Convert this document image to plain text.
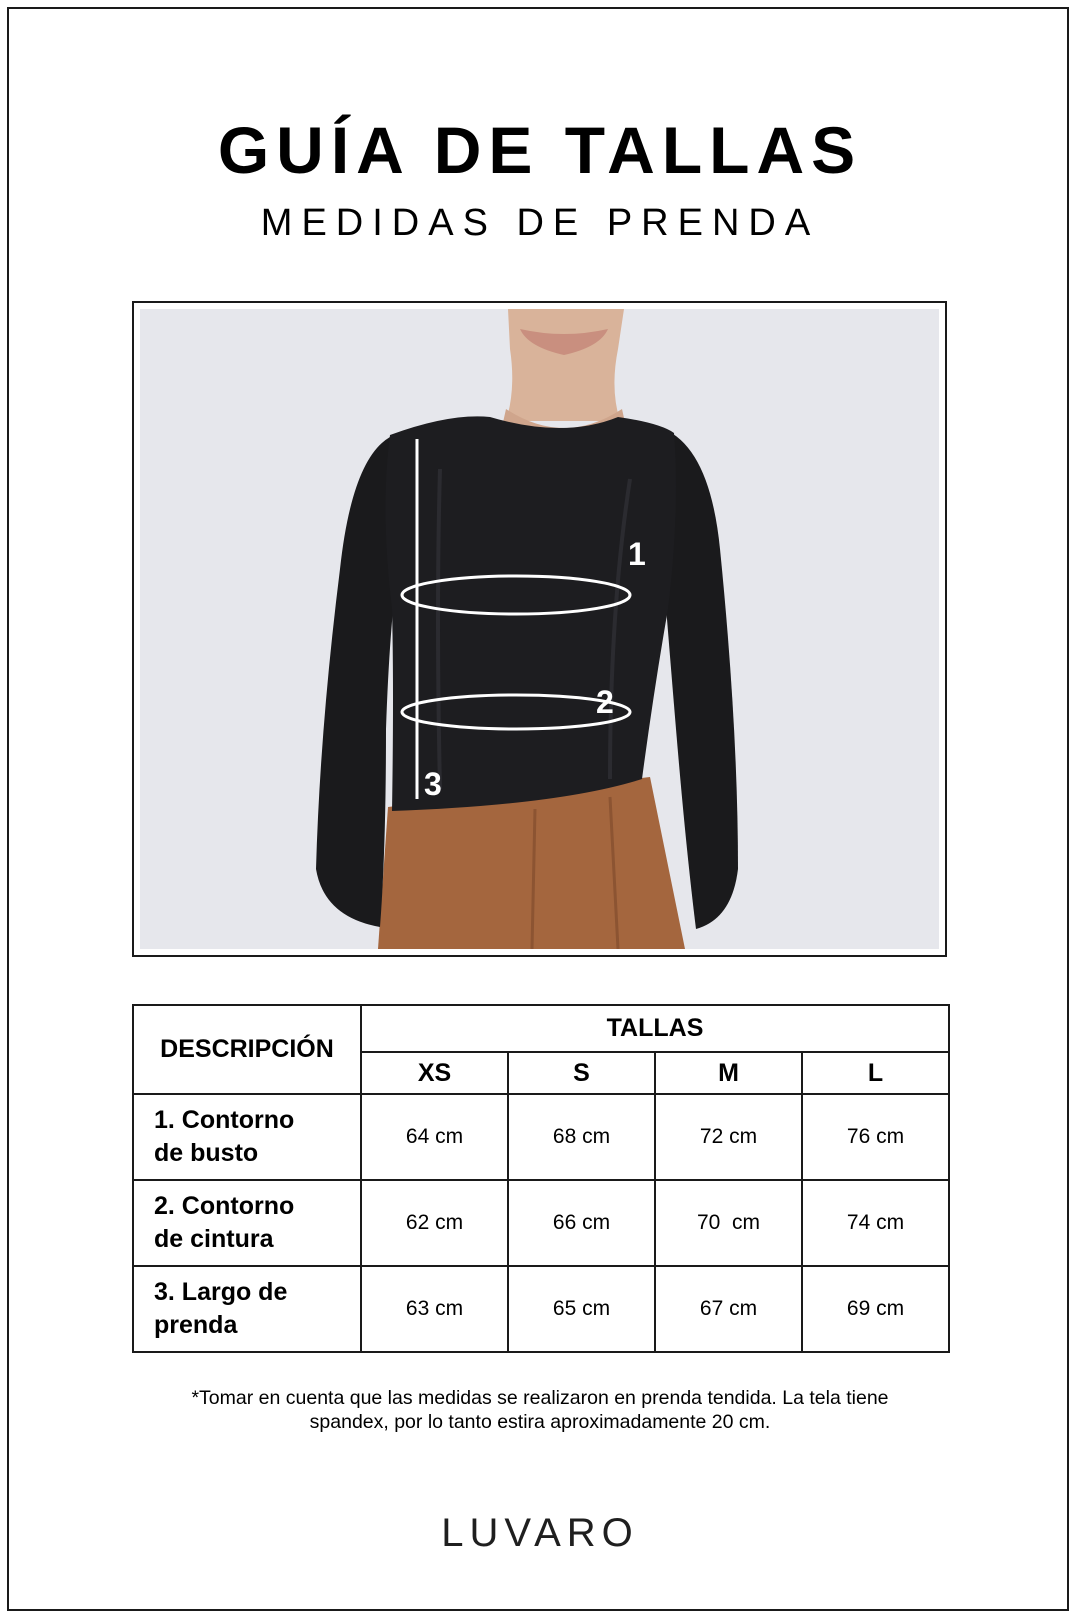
GUÍA DE TALLAS
MEDIDAS DE PRENDA
1
2
3
DESCRIPCIÓN	TALLAS			
	XS	S	M	L

1. Contorno
de busto	64 cm	68 cm	72 cm	76 cm

2. Contorno
de cintura	62 cm	66 cm	70  cm	74 cm

3. Largo de
prenda	63 cm	65 cm	67 cm	69 cm
*Tomar en cuenta que las medidas se realizaron en prenda tendida. La tela tiene
spandex, por lo tanto estira aproximadamente 20 cm.
LUVARO
